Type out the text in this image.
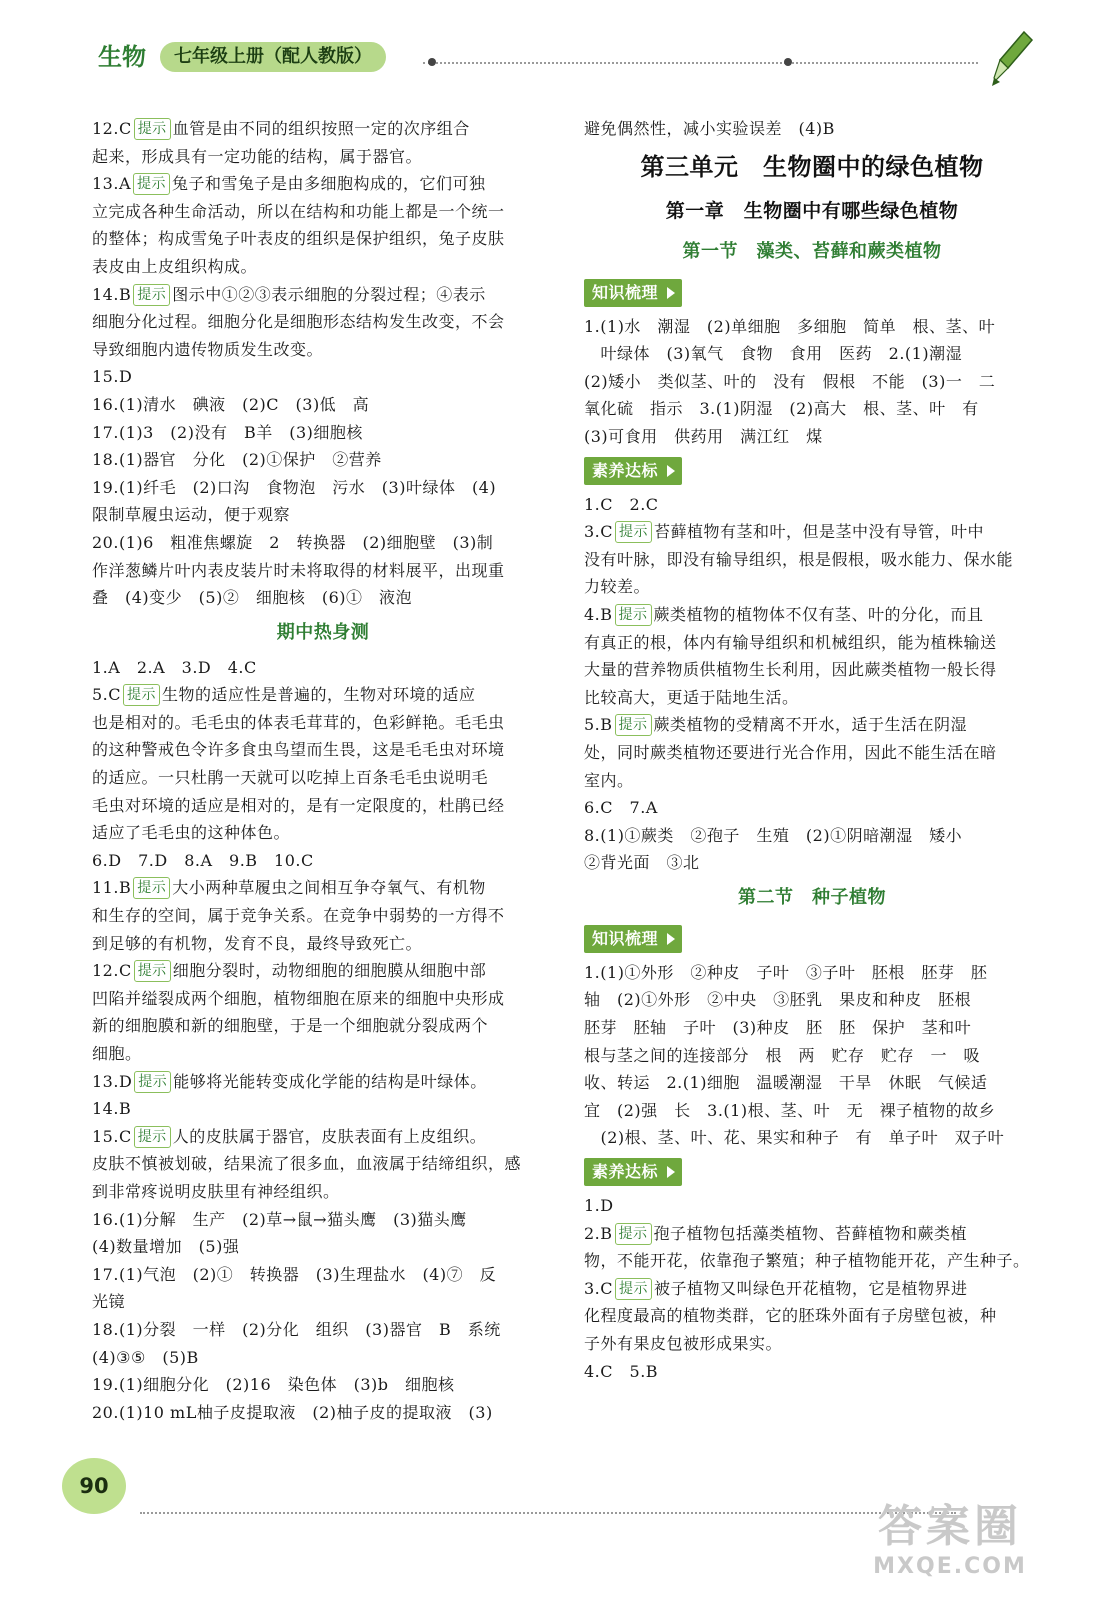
生物	七年级上册（配人教版）
12.C 提示 血管是由不同的组织按照一定的次序组合
起来，形成具有一定功能的结构，属于器官。
13.A 提示 兔子和雪兔子是由多细胞构成的，它们可独
立完成各种生命活动，所以在结构和功能上都是一个统一
的整体；构成雪兔子叶表皮的组织是保护组织，兔子皮肤
表皮由上皮组织构成。
14.B 提示 图示中①②③表示细胞的分裂过程；④表示
细胞分化过程。细胞分化是细胞形态结构发生改变，不会
导致细胞内遗传物质发生改变。
15.D
16.(1)清水　碘液　(2)C　(3)低　高
17.(1)3　(2)没有　B羊　(3)细胞核
18.(1)器官　分化　(2)①保护　②营养
19.(1)纤毛　(2)口沟　食物泡　污水　(3)叶绿体　(4)
限制草履虫运动，便于观察
20.(1)6　粗准焦螺旋　2　转换器　(2)细胞壁　(3)制
作洋葱鳞片叶内表皮装片时未将取得的材料展平，出现重
叠　(4)变少　(5)②　细胞核　(6)①　液泡
期中热身测
1.A　2.A　3.D　4.C
5.C 提示 生物的适应性是普遍的，生物对环境的适应
也是相对的。毛毛虫的体表毛茸茸的，色彩鲜艳。毛毛虫
的这种警戒色令许多食虫鸟望而生畏，这是毛毛虫对环境
的适应。一只杜鹃一天就可以吃掉上百条毛毛虫说明毛
毛虫对环境的适应是相对的，是有一定限度的，杜鹃已经
适应了毛毛虫的这种体色。
6.D　7.D　8.A　9.B　10.C
11.B 提示 大小两种草履虫之间相互争夺氧气、有机物
和生存的空间，属于竞争关系。在竞争中弱势的一方得不
到足够的有机物，发育不良，最终导致死亡。
12.C 提示 细胞分裂时，动物细胞的细胞膜从细胞中部
凹陷并缢裂成两个细胞，植物细胞在原来的细胞中央形成
新的细胞膜和新的细胞壁，于是一个细胞就分裂成两个
细胞。
13.D 提示 能够将光能转变成化学能的结构是叶绿体。
14.B
15.C 提示 人的皮肤属于器官，皮肤表面有上皮组织。
皮肤不慎被划破，结果流了很多血，血液属于结缔组织，感
到非常疼说明皮肤里有神经组织。
16.(1)分解　生产　(2)草→鼠→猫头鹰　(3)猫头鹰
(4)数量增加　(5)强
17.(1)气泡　(2)①　转换器　(3)生理盐水　(4)⑦　反
光镜
18.(1)分裂　一样　(2)分化　组织　(3)器官　B　系统
(4)③⑤　(5)B
19.(1)细胞分化　(2)16　染色体　(3)b　细胞核
20.(1)10 mL柚子皮提取液　(2)柚子皮的提取液　(3)
避免偶然性，减小实验误差　(4)B
第三单元　生物圈中的绿色植物
第一章　生物圈中有哪些绿色植物
第一节　藻类、苔藓和蕨类植物
知识梳理
1.(1)水　潮湿　(2)单细胞　多细胞　简单　根、茎、叶
　叶绿体　(3)氧气　食物　食用　医药　2.(1)潮湿
(2)矮小　类似茎、叶的　没有　假根　不能　(3)一　二
氧化硫　指示　3.(1)阴湿　(2)高大　根、茎、叶　有
(3)可食用　供药用　满江红　煤
素养达标
1.C　2.C
3.C 提示 苔藓植物有茎和叶，但是茎中没有导管，叶中
没有叶脉，即没有输导组织，根是假根，吸水能力、保水能
力较差。
4.B 提示 蕨类植物的植物体不仅有茎、叶的分化，而且
有真正的根，体内有输导组织和机械组织，能为植株输送
大量的营养物质供植物生长利用，因此蕨类植物一般长得
比较高大，更适于陆地生活。
5.B 提示 蕨类植物的受精离不开水，适于生活在阴湿
处，同时蕨类植物还要进行光合作用，因此不能生活在暗
室内。
6.C　7.A
8.(1)①蕨类　②孢子　生殖　(2)①阴暗潮湿　矮小
②背光面　③北
第二节　种子植物
知识梳理
1.(1)①外形　②种皮　子叶　③子叶　胚根　胚芽　胚
轴　(2)①外形　②中央　③胚乳　果皮和种皮　胚根
胚芽　胚轴　子叶　(3)种皮　胚　胚　保护　茎和叶
根与茎之间的连接部分　根　两　贮存　贮存　一　吸
收、转运　2.(1)细胞　温暖潮湿　干旱　休眠　气候适
宜　(2)强　长　3.(1)根、茎、叶　无　裸子植物的故乡
　(2)根、茎、叶、花、果实和种子　有　单子叶　双子叶
素养达标
1.D
2.B 提示 孢子植物包括藻类植物、苔藓植物和蕨类植
物，不能开花，依靠孢子繁殖；种子植物能开花，产生种子。
3.C 提示 被子植物又叫绿色开花植物，它是植物界进
化程度最高的植物类群，它的胚珠外面有子房壁包被，种
子外有果皮包被形成果实。
4.C　5.B
90
答案圈
MXQE.COM
